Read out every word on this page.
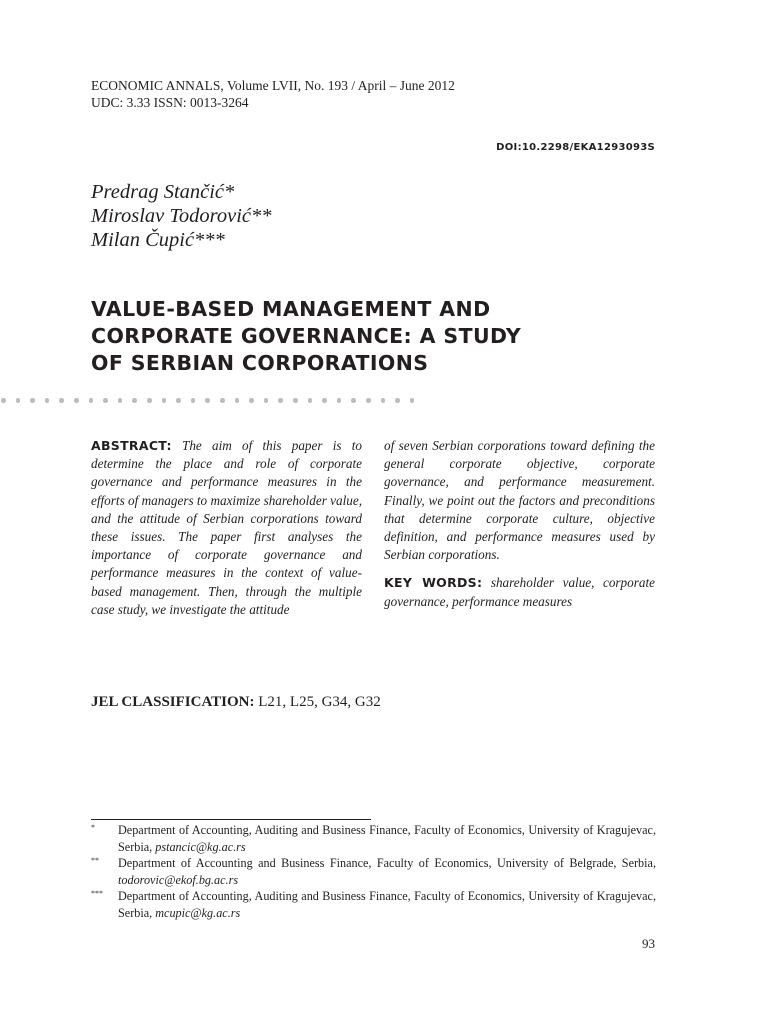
ECONOMIC ANNALS, Volume LVII, No. 193 / April – June 2012
UDC: 3.33 ISSN: 0013-3264
DOI:10.2298/EKA1293093S
Predrag Stančić*
Miroslav Todorović**
Milan Čupić***
VALUE-BASED MANAGEMENT AND
CORPORATE GOVERNANCE: A STUDY
OF SERBIAN CORPORATIONS
ABSTRACT: The aim of this paper is to determine the place and role of corporate governance and performance measures in the efforts of managers to maximize shareholder value, and the attitude of Serbian corporations toward these issues. The paper first analyses the importance of corporate governance and performance measures in the context of value-based management. Then, through the multiple case study, we investigate the attitude
of seven Serbian corporations toward defining the general corporate objective, corporate governance, and performance measurement. Finally, we point out the factors and preconditions that determine corporate culture, objective definition, and performance measures used by Serbian corporations.
KEY WORDS: shareholder value, corporate governance, performance measures
JEL CLASSIFICATION: L21, L25, G34, G32
* Department of Accounting, Auditing and Business Finance, Faculty of Economics, University of Kragujevac, Serbia, pstancic@kg.ac.rs
** Department of Accounting and Business Finance, Faculty of Economics, University of Belgrade, Serbia, todorovic@ekof.bg.ac.rs
*** Department of Accounting, Auditing and Business Finance, Faculty of Economics, University of Kragujevac, Serbia, mcupic@kg.ac.rs
93
